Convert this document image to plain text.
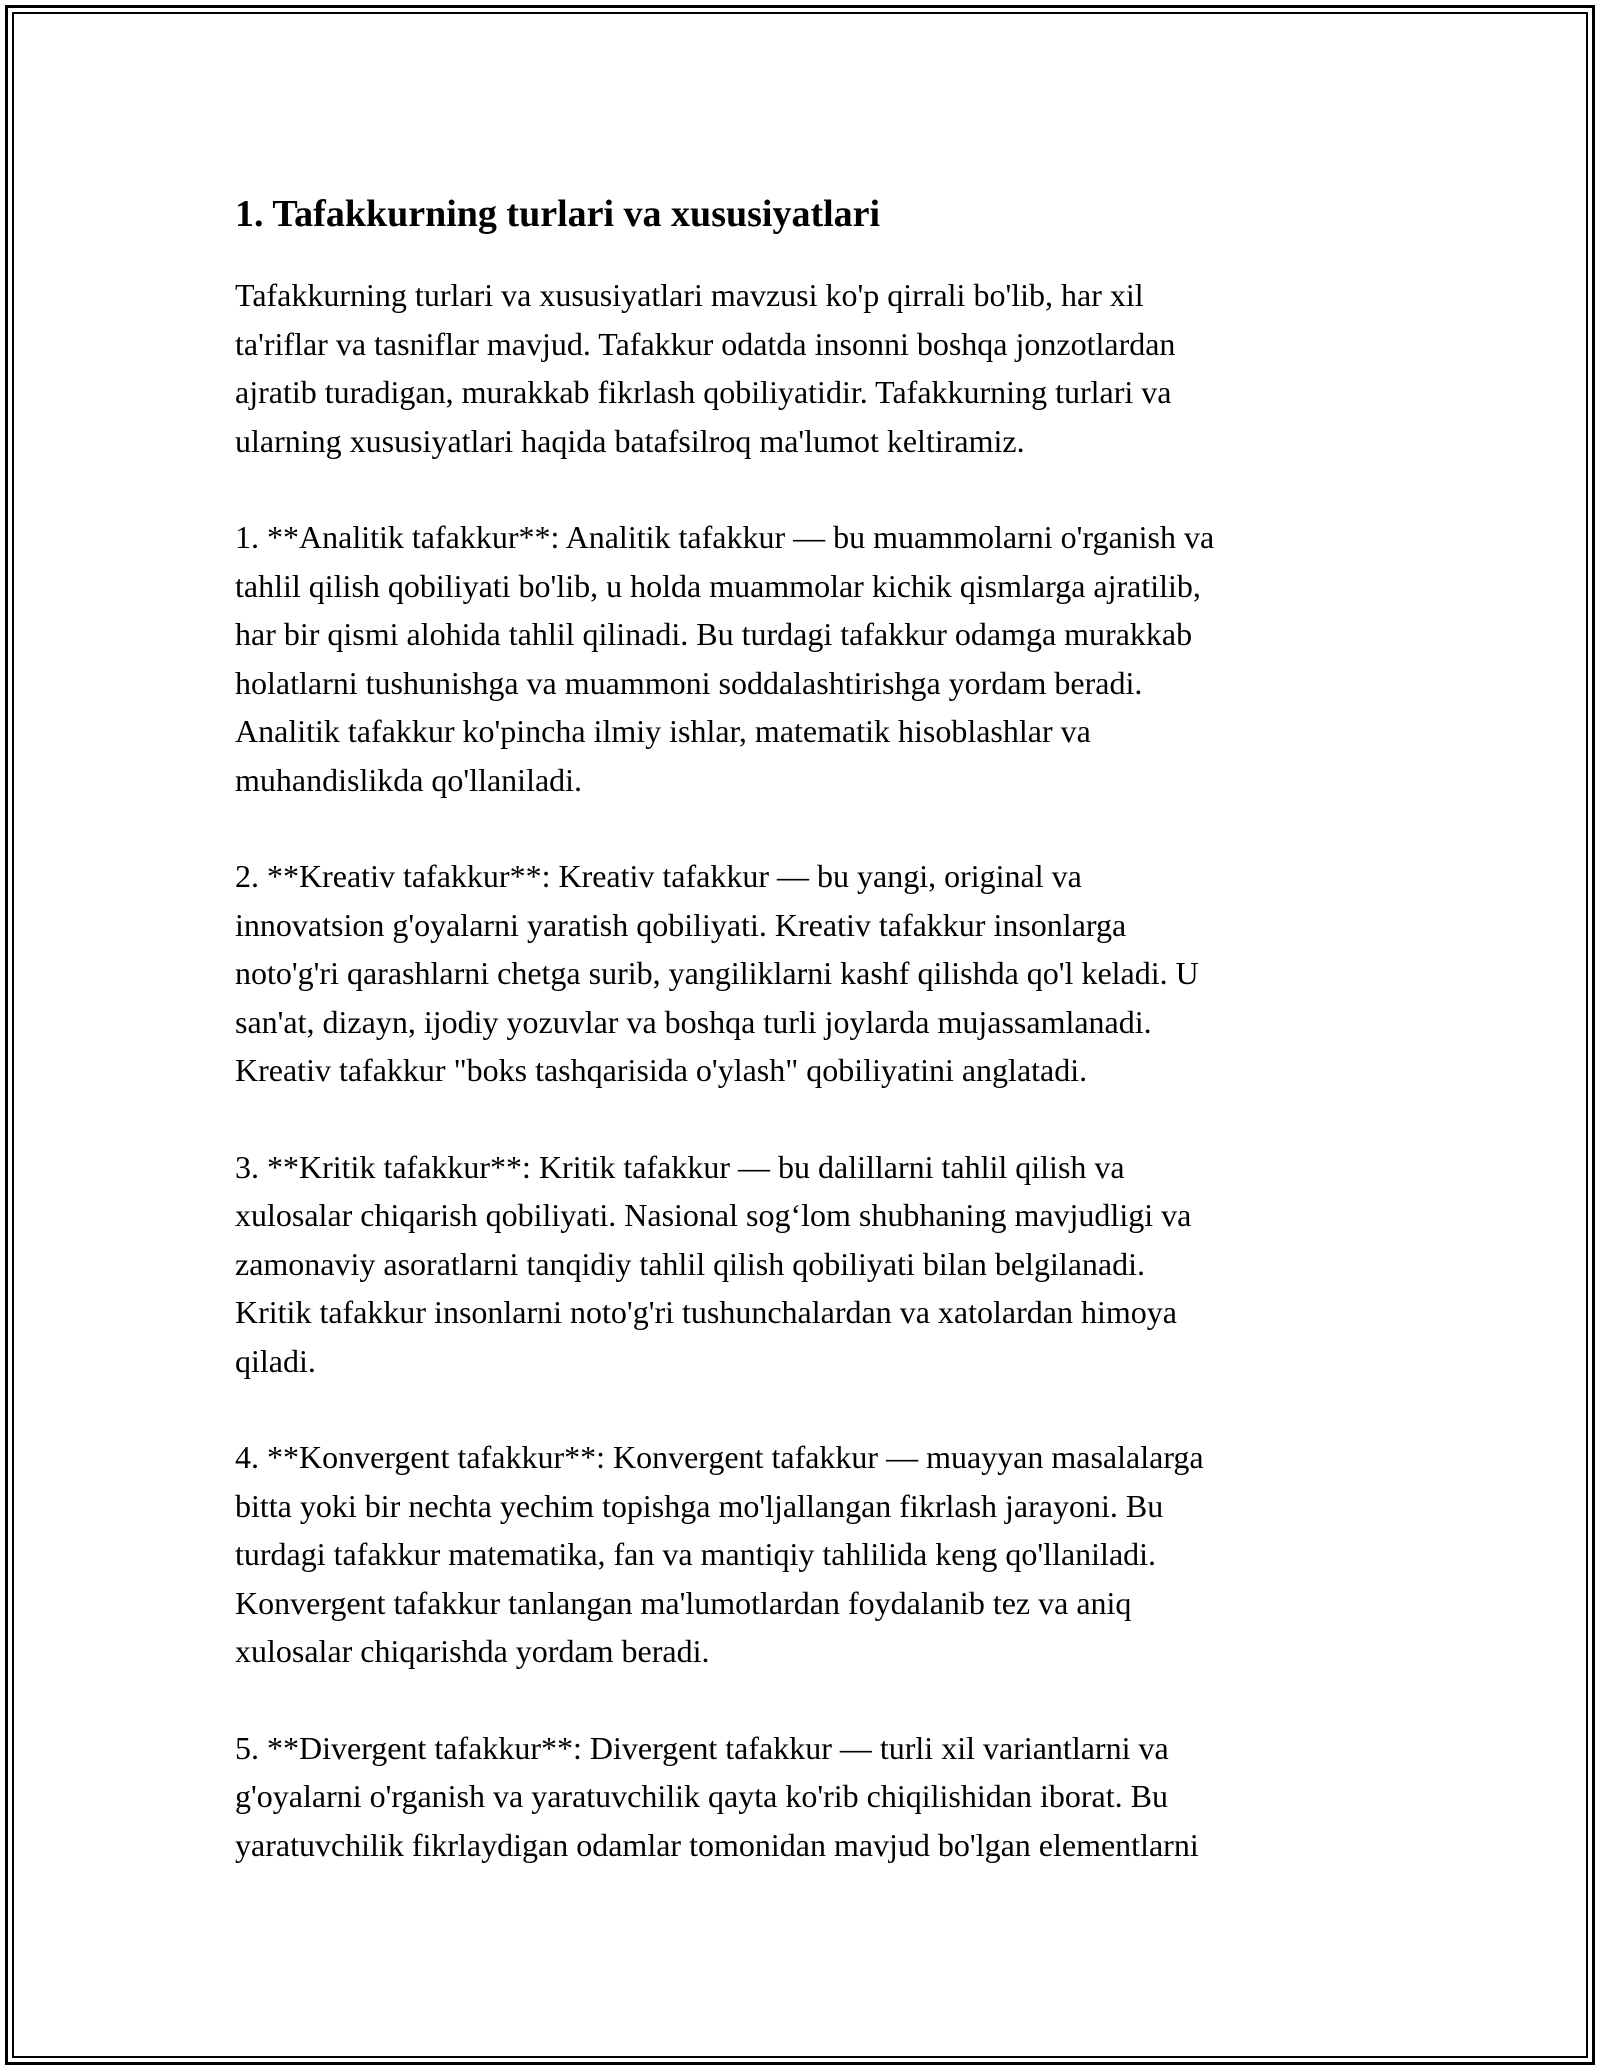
1. Tafakkurning turlari va xususiyatlari

Tafakkurning turlari va xususiyatlari mavzusi ko'p qirrali bo'lib, har xil
ta'riflar va tasniflar mavjud. Tafakkur odatda insonni boshqa jonzotlardan
ajratib turadigan, murakkab fikrlash qobiliyatidir. Tafakkurning turlari va
ularning xususiyatlari haqida batafsilroq ma'lumot keltiramiz.

1. **Analitik tafakkur**: Analitik tafakkur — bu muammolarni o'rganish va
tahlil qilish qobiliyati bo'lib, u holda muammolar kichik qismlarga ajratilib,
har bir qismi alohida tahlil qilinadi. Bu turdagi tafakkur odamga murakkab
holatlarni tushunishga va muammoni soddalashtirishga yordam beradi.
Analitik tafakkur ko'pincha ilmiy ishlar, matematik hisoblashlar va
muhandislikda qo'llaniladi.

2. **Kreativ tafakkur**: Kreativ tafakkur — bu yangi, original va
innovatsion g'oyalarni yaratish qobiliyati. Kreativ tafakkur insonlarga
noto'g'ri qarashlarni chetga surib, yangiliklarni kashf qilishda qo'l keladi. U
san'at, dizayn, ijodiy yozuvlar va boshqa turli joylarda mujassamlanadi.
Kreativ tafakkur "boks tashqarisida o'ylash" qobiliyatini anglatadi.

3. **Kritik tafakkur**: Kritik tafakkur — bu dalillarni tahlil qilish va
xulosalar chiqarish qobiliyati. Nasional sog‘lom shubhaning mavjudligi va
zamonaviy asoratlarni tanqidiy tahlil qilish qobiliyati bilan belgilanadi.
Kritik tafakkur insonlarni noto'g'ri tushunchalardan va xatolardan himoya
qiladi.

4. **Konvergent tafakkur**: Konvergent tafakkur — muayyan masalalarga
bitta yoki bir nechta yechim topishga mo'ljallangan fikrlash jarayoni. Bu
turdagi tafakkur matematika, fan va mantiqiy tahlilida keng qo'llaniladi.
Konvergent tafakkur tanlangan ma'lumotlardan foydalanib tez va aniq
xulosalar chiqarishda yordam beradi.

5. **Divergent tafakkur**: Divergent tafakkur — turli xil variantlarni va
g'oyalarni o'rganish va yaratuvchilik qayta ko'rib chiqilishidan iborat. Bu
yaratuvchilik fikrlaydigan odamlar tomonidan mavjud bo'lgan elementlarni
